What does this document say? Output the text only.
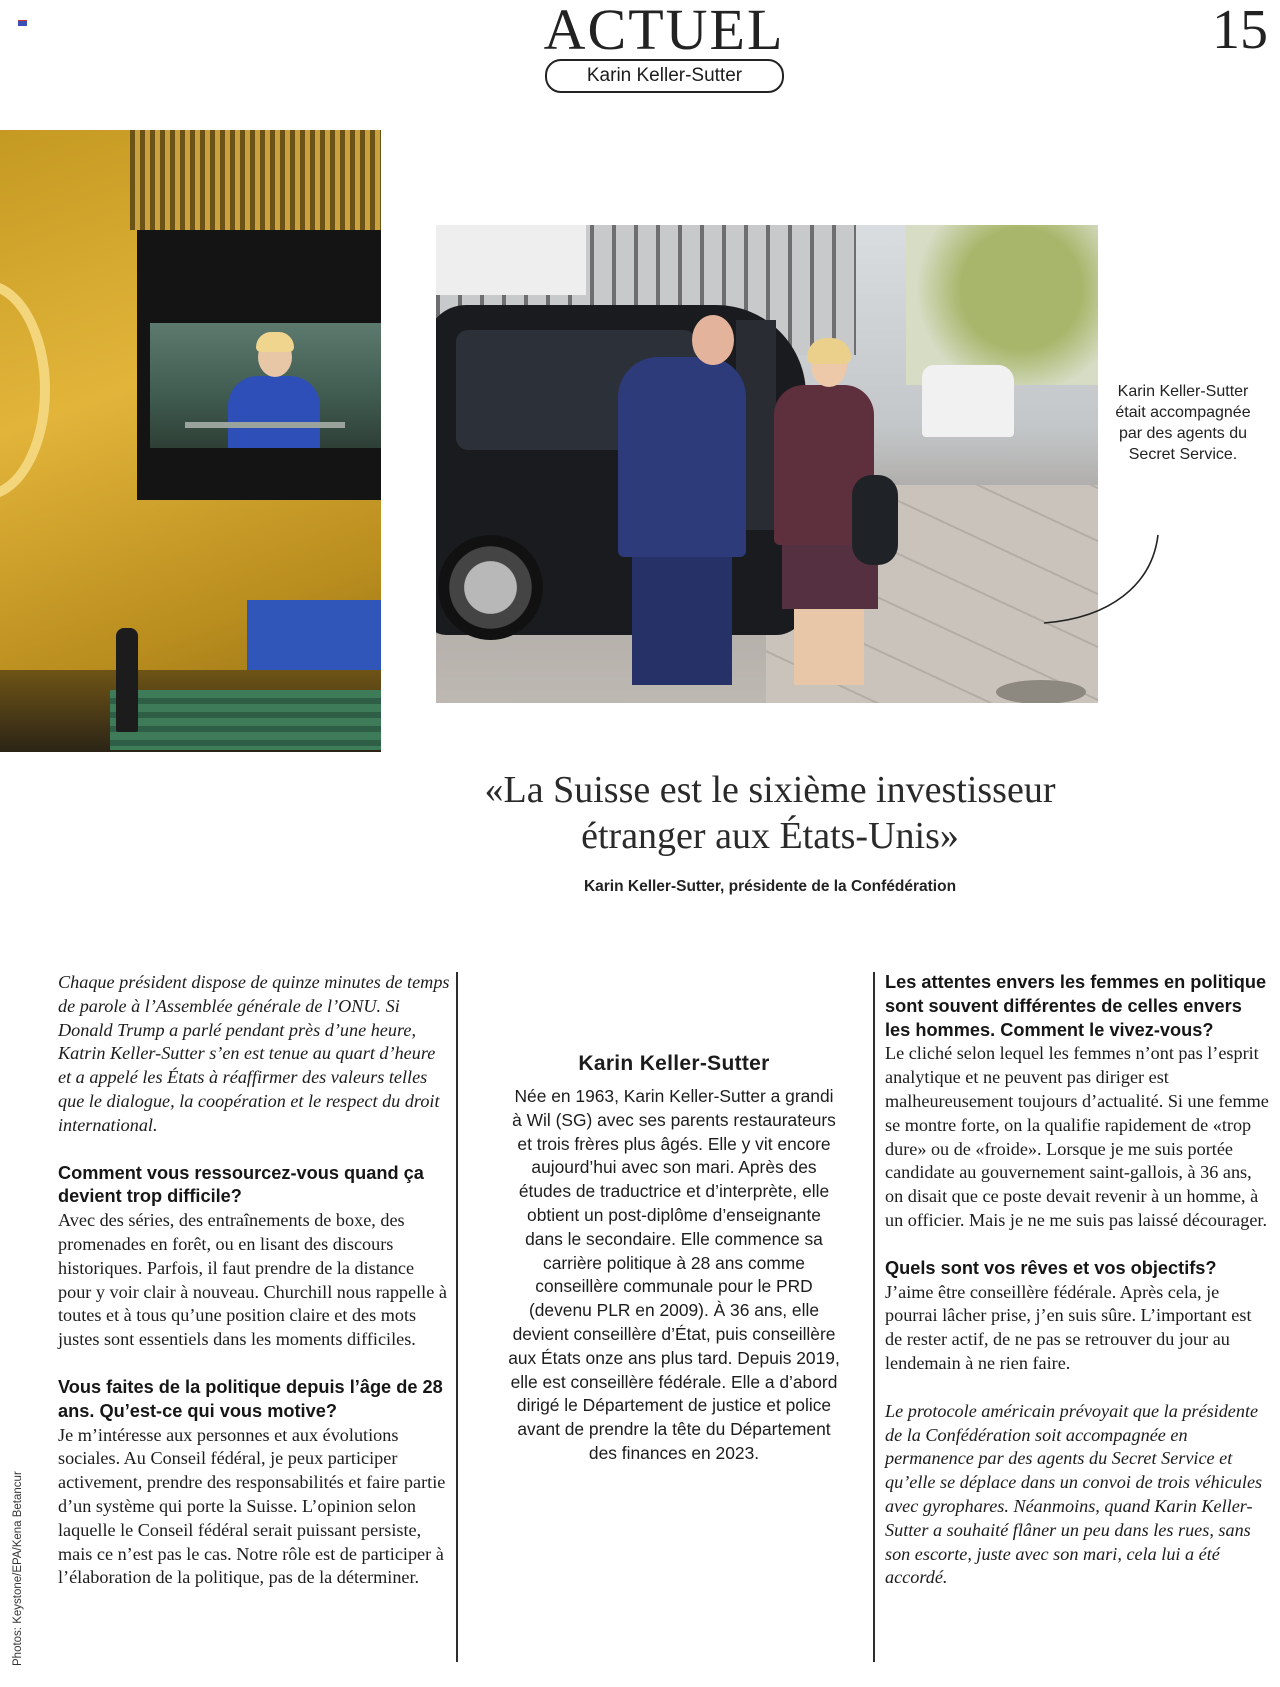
ACTUEL
Karin Keller-Sutter
15
Karin Keller-Sutter était accompagnée par des agents du Secret Service.
«La Suisse est le sixième investisseur étranger aux États-Unis»
Karin Keller-Sutter, présidente de la Confédération

Chaque président dispose de quinze minutes de temps de parole à l’Assemblée générale de l’ONU. Si Donald Trump a parlé pendant près d’une heure, Katrin Keller-Sutter s’en est tenue au quart d’heure et a appelé les États à réaffirmer des valeurs telles que le dialogue, la coopération et le respect du droit international.

Comment vous ressourcez-vous quand ça devient trop difficile?

Avec des séries, des entraînements de boxe, des promenades en forêt, ou en lisant des discours historiques. Parfois, il faut prendre de la distance pour y voir clair à nouveau. Churchill nous rappelle à toutes et à tous qu’une position claire et des mots justes sont essentiels dans les moments difficiles.

Vous faites de la politique depuis l’âge de 28 ans. Qu’est-ce qui vous motive?

Je m’intéresse aux personnes et aux évolutions sociales. Au Conseil fédéral, je peux participer activement, prendre des responsabilités et faire partie d’un système qui porte la Suisse. L’opinion selon laquelle le Conseil fédéral serait puissant persiste, mais ce n’est pas le cas. Notre rôle est de participer à l’élaboration de la politique, pas de la déterminer.

Karin Keller-Sutter

Née en 1963, Karin Keller-Sutter a grandi à Wil (SG) avec ses parents restaurateurs et trois frères plus âgés. Elle y vit encore aujourd’hui avec son mari. Après des études de traductrice et d’interprète, elle obtient un post-diplôme d’enseignante dans le secondaire. Elle commence sa carrière politique à 28 ans comme conseillère communale pour le PRD (devenu PLR en 2009). À 36 ans, elle devient conseillère d’État, puis conseillère aux États onze ans plus tard. Depuis 2019, elle est conseillère fédérale. Elle a d’abord dirigé le Département de justice et police avant de prendre la tête du Département des finances en 2023.

Les attentes envers les femmes en politique sont souvent différentes de celles envers les hommes. Comment le vivez-vous?

Le cliché selon lequel les femmes n’ont pas l’esprit analytique et ne peuvent pas diriger est malheureusement toujours d’actualité. Si une femme se montre forte, on la qualifie rapidement de «trop dure» ou de «froide». Lorsque je me suis portée candidate au gouvernement saint-gallois, à 36 ans, on disait que ce poste devait revenir à un homme, à un officier. Mais je ne me suis pas laissé décourager.

Quels sont vos rêves et vos objectifs?

J’aime être conseillère fédérale. Après cela, je pourrai lâcher prise, j’en suis sûre. L’important est de rester actif, de ne pas se retrouver du jour au lendemain à ne rien faire.

Le protocole américain prévoyait que la présidente de la Confédération soit accompagnée en permanence par des agents du Secret Service et qu’elle se déplace dans un convoi de trois véhicules avec gyrophares. Néanmoins, quand Karin Keller-Sutter a souhaité flâner un peu dans les rues, sans son escorte, juste avec son mari, cela lui a été accordé.

Photos: Keystone/EPA/Kena Betancur
